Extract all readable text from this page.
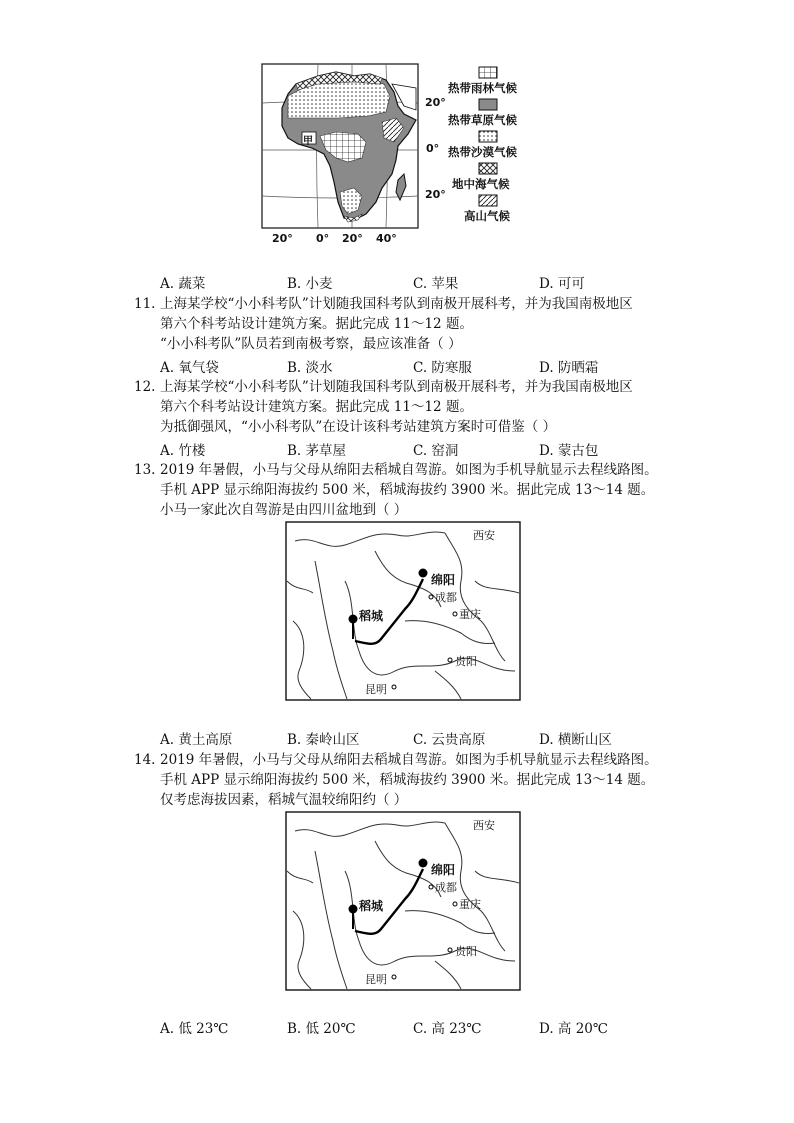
甲
20°
0°
20°
20° 0° 20° 40°
热带雨林气候
热带草原气候
热带沙漠气候
地中海气候
高山气候
A. 蔬菜	B. 小麦	C. 苹果	D. 可可
11. 上海某学校“小小科考队”计划随我国科考队到南极开展科考，并为我国南极地区
第六个科考站设计建筑方案。据此完成 11～12 题。
“小小科考队”队员若到南极考察，最应该准备（ ）
A. 氧气袋	B. 淡水	C. 防寒服	D. 防晒霜
12. 上海某学校“小小科考队”计划随我国科考队到南极开展科考，并为我国南极地区
第六个科考站设计建筑方案。据此完成 11～12 题。
为抵御强风，“小小科考队”在设计该科考站建筑方案时可借鉴（ ）
A. 竹楼	B. 茅草屋	C. 窑洞	D. 蒙古包
13. 2019 年暑假，小马与父母从绵阳去稻城自驾游。如图为手机导航显示去程线路图。
手机 APP 显示绵阳海拔约 500 米，稻城海拔约 3900 米。据此完成 13～14 题。
小马一家此次自驾游是由四川盆地到（ ）
西安
绵阳
成都
稻城	重庆
贵阳
昆明
A. 黄土高原	B. 秦岭山区	C. 云贵高原	D. 横断山区
14. 2019 年暑假，小马与父母从绵阳去稻城自驾游。如图为手机导航显示去程线路图。
手机 APP 显示绵阳海拔约 500 米，稻城海拔约 3900 米。据此完成 13～14 题。
仅考虑海拔因素，稻城气温较绵阳约（ ）
西安
绵阳
成都
稻城	重庆
贵阳
昆明
A. 低 23℃	B. 低 20℃	C. 高 23℃	D. 高 20℃
